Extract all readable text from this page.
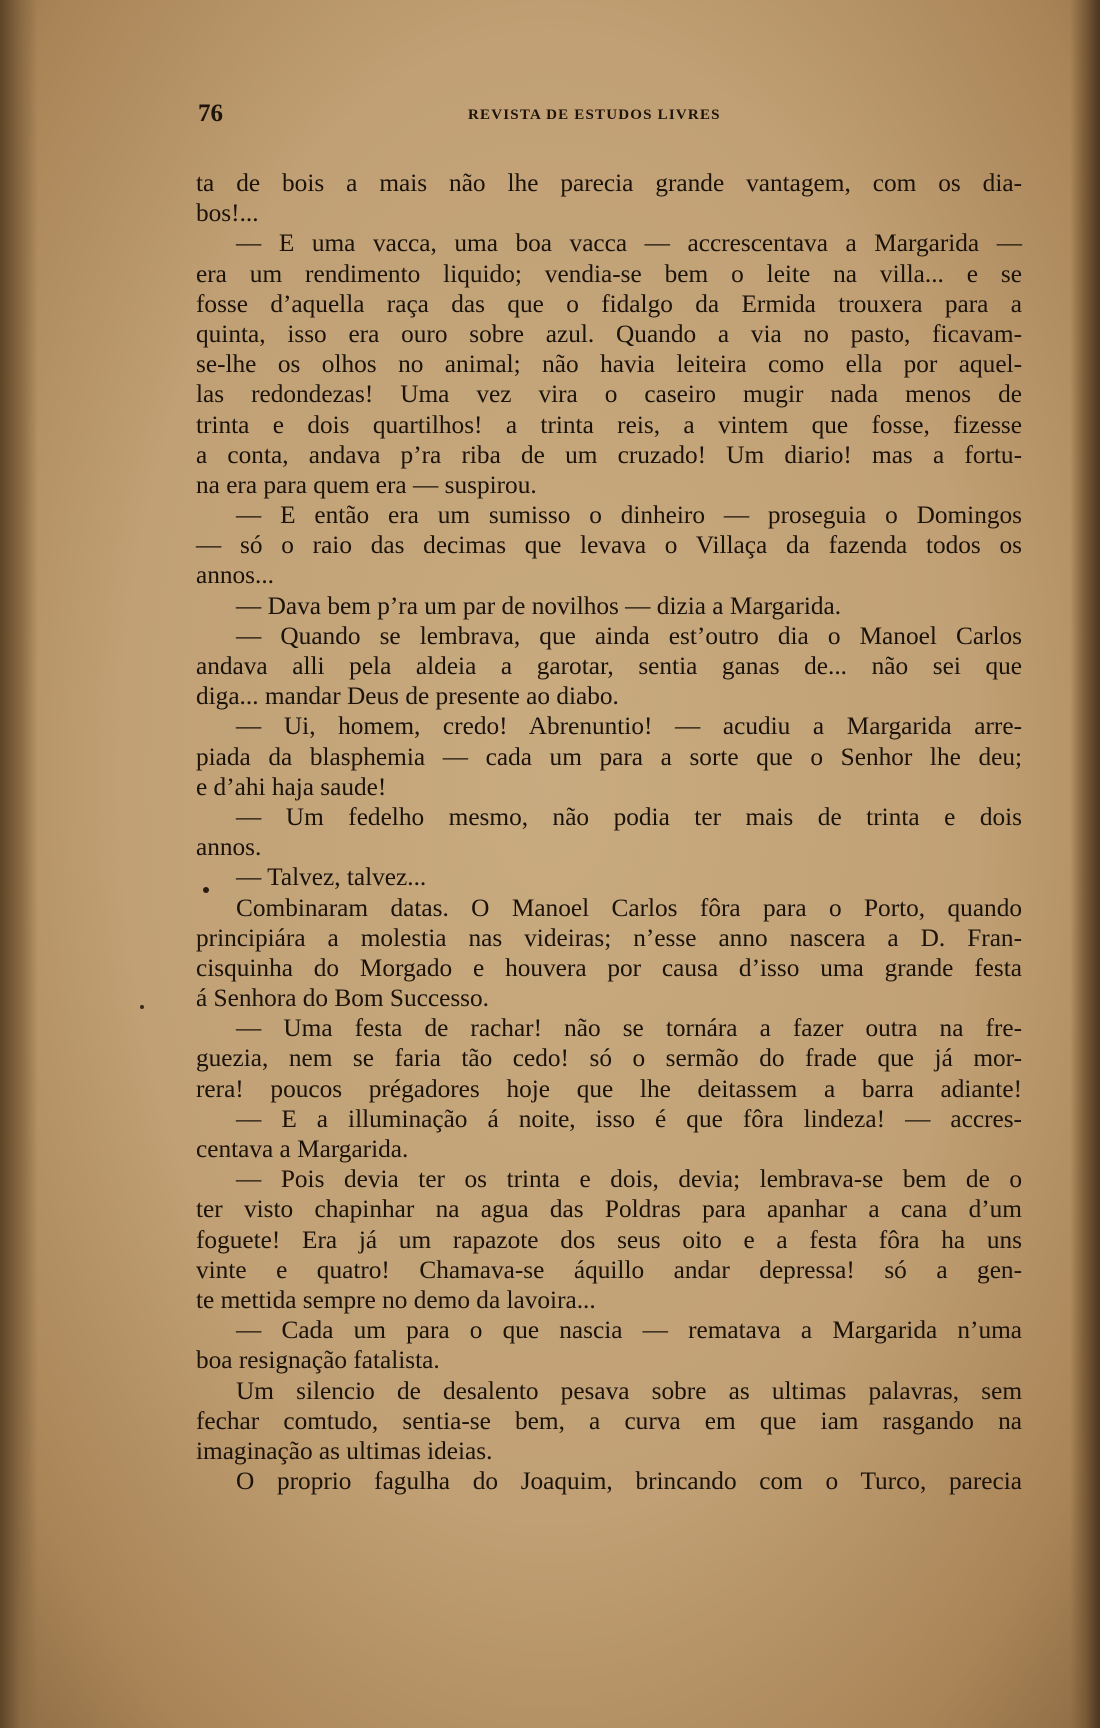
76	REVISTA DE ESTUDOS LIVRES
ta de bois a mais não lhe parecia grande vantagem, com os dia-
bos!...
— E uma vacca, uma boa vacca — accrescentava a Margarida —
era um rendimento liquido; vendia-se bem o leite na villa... e se
fosse d’aquella raça das que o fidalgo da Ermida trouxera para a
quinta, isso era ouro sobre azul. Quando a via no pasto, ficavam-
se-lhe os olhos no animal; não havia leiteira como ella por aquel-
las redondezas! Uma vez vira o caseiro mugir nada menos de
trinta e dois quartilhos! a trinta reis, a vintem que fosse, fizesse
a conta, andava p’ra riba de um cruzado! Um diario! mas a fortu-
na era para quem era — suspirou.
— E então era um sumisso o dinheiro — proseguia o Domingos
— só o raio das decimas que levava o Villaça da fazenda todos os
annos...
— Dava bem p’ra um par de novilhos — dizia a Margarida.
— Quando se lembrava, que ainda est’outro dia o Manoel Carlos
andava alli pela aldeia a garotar, sentia ganas de... não sei que
diga... mandar Deus de presente ao diabo.
— Ui, homem, credo! Abrenuntio! — acudiu a Margarida arre-
piada da blasphemia — cada um para a sorte que o Senhor lhe deu;
e d’ahi haja saude!
— Um fedelho mesmo, não podia ter mais de trinta e dois
annos.
— Talvez, talvez...
Combinaram datas. O Manoel Carlos fôra para o Porto, quando
principiára a molestia nas videiras; n’esse anno nascera a D. Fran-
cisquinha do Morgado e houvera por causa d’isso uma grande festa
á Senhora do Bom Successo.
— Uma festa de rachar! não se tornára a fazer outra na fre-
guezia, nem se faria tão cedo! só o sermão do frade que já mor-
rera! poucos prégadores hoje que lhe deitassem a barra adiante!
— E a illuminação á noite, isso é que fôra lindeza! — accres-
centava a Margarida.
— Pois devia ter os trinta e dois, devia; lembrava-se bem de o
ter visto chapinhar na agua das Poldras para apanhar a cana d’um
foguete! Era já um rapazote dos seus oito e a festa fôra ha uns
vinte e quatro! Chamava-se áquillo andar depressa! só a gen-
te mettida sempre no demo da lavoira...
— Cada um para o que nascia — rematava a Margarida n’uma
boa resignação fatalista.
Um silencio de desalento pesava sobre as ultimas palavras, sem
fechar comtudo, sentia-se bem, a curva em que iam rasgando na
imaginação as ultimas ideias.
O proprio fagulha do Joaquim, brincando com o Turco, parecia
